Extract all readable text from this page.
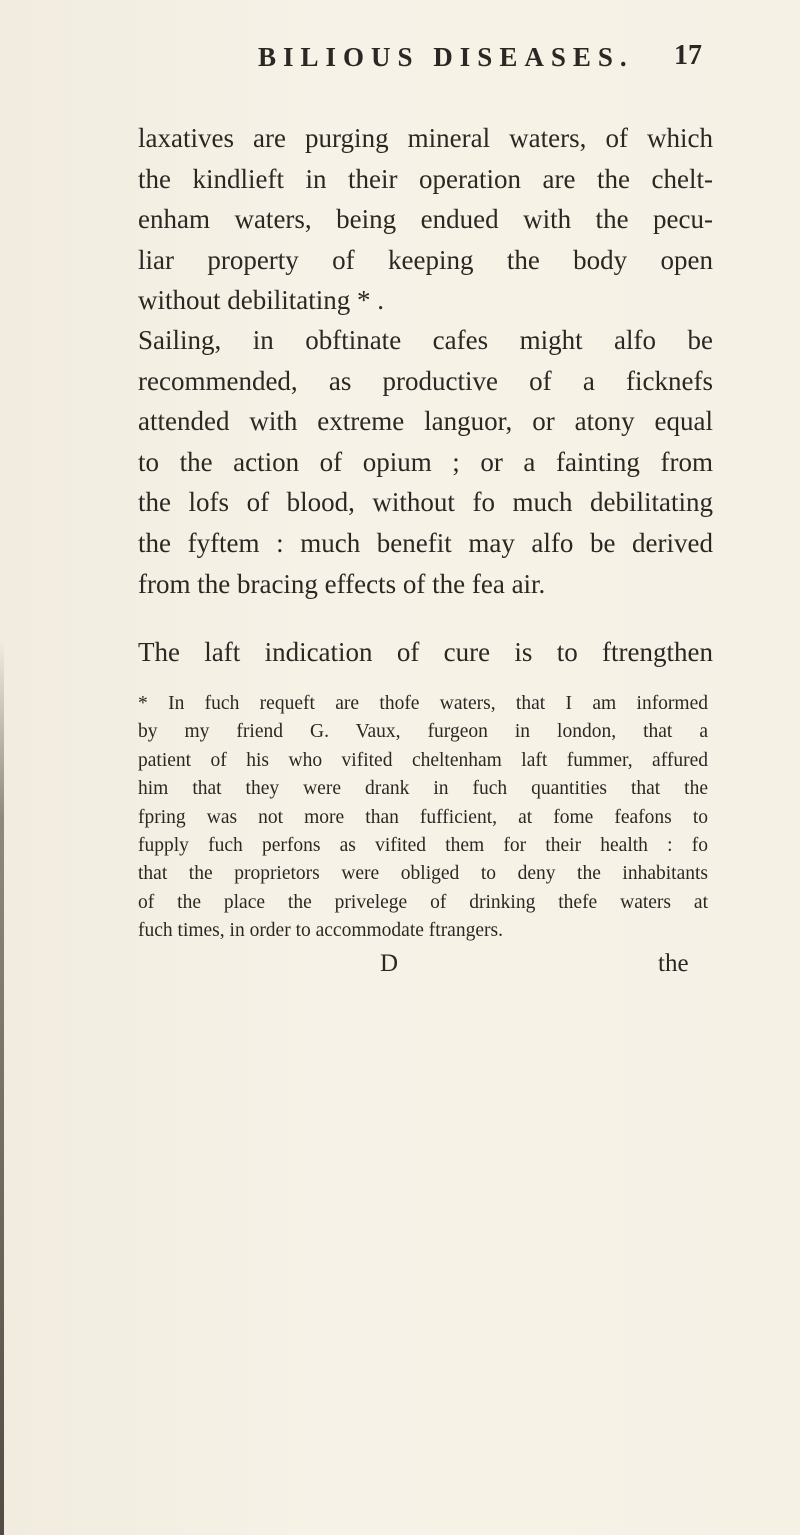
BILIOUS DISEASES. 17
laxatives are purging mineral waters, of which
the kindlieft in their operation are the chelt-
enham waters, being endued with the pecu-
liar property of keeping the body open
without debilitating * .
Sailing, in obftinate cafes might alfo be
recommended, as productive of a ficknefs
attended with extreme languor, or atony equal
to the action of opium ; or a fainting from
the lofs of blood, without fo much debilitating
the fyftem : much benefit may alfo be derived
from the bracing effects of the fea air.
The laft indication of cure is to ftrengthen
* In fuch requeft are thofe waters, that I am informed
by my friend G. Vaux, furgeon in london, that a
patient of his who vifited cheltenham laft fummer, affured
him that they were drank in fuch quantities that the
fpring was not more than fufficient, at fome feafons to
fupply fuch perfons as vifited them for their health : fo
that the proprietors were obliged to deny the inhabitants
of the place the privelege of drinking thefe waters at
fuch times, in order to accommodate ftrangers.
D	the
